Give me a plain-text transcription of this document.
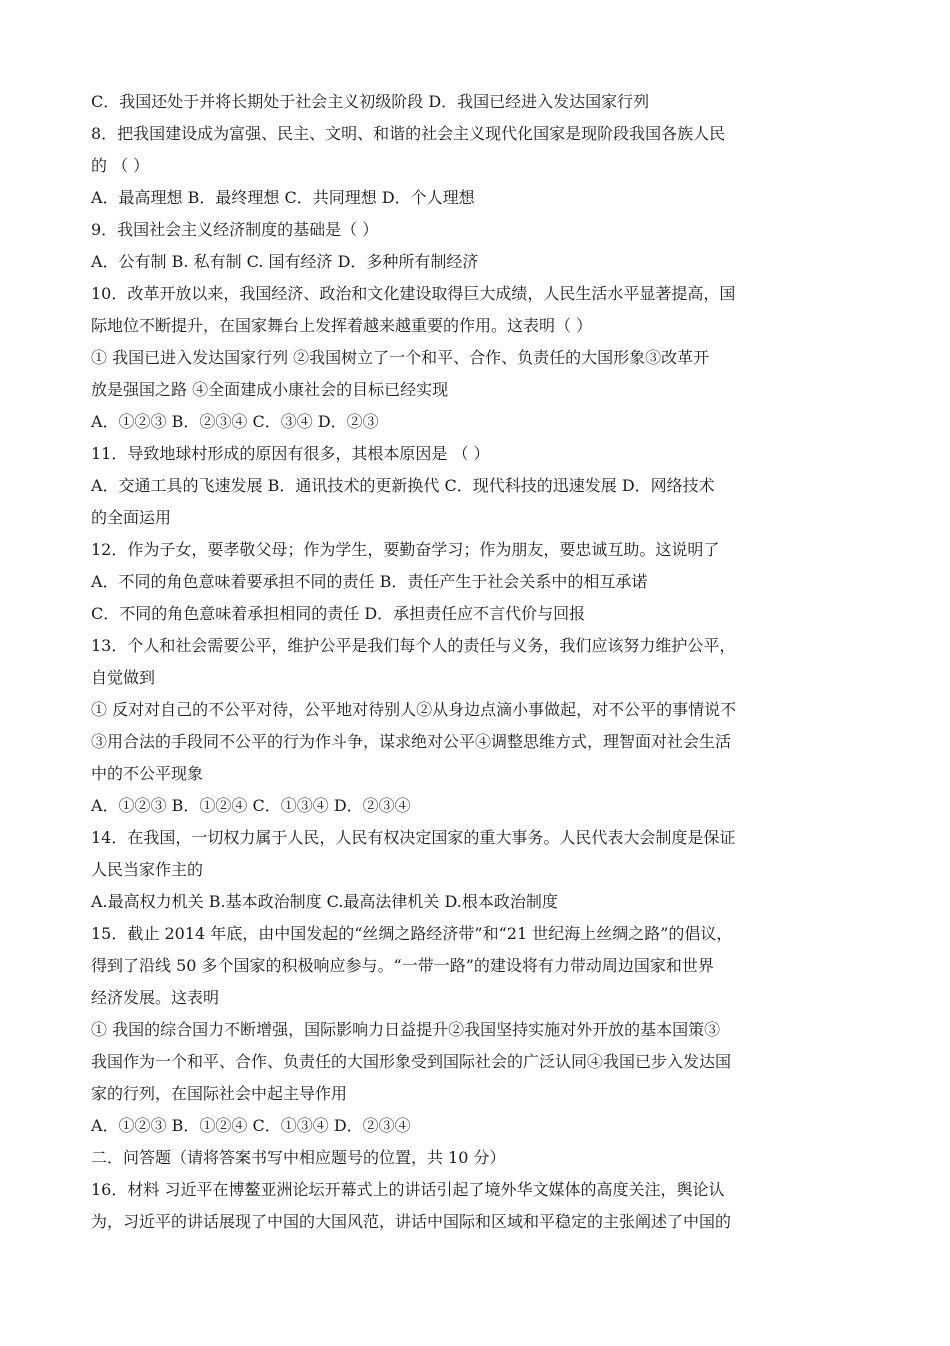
C．我国还处于并将长期处于社会主义初级阶段 D．我国已经进入发达国家行列
8．把我国建设成为富强、民主、文明、和谐的社会主义现代化国家是现阶段我国各族人民
的 （ ）
A．最高理想 B．最终理想 C．共同理想 D．个人理想
9．我国社会主义经济制度的基础是（ ）
A．公有制 B. 私有制 C. 国有经济 D．多种所有制经济
10．改革开放以来，我国经济、政治和文化建设取得巨大成绩，人民生活水平显著提高，国
际地位不断提升，在国家舞台上发挥着越来越重要的作用。这表明（ ）
① 我国已进入发达国家行列 ②我国树立了一个和平、合作、负责任的大国形象③改革开
放是强国之路 ④全面建成小康社会的目标已经实现
A．①②③ B．②③④ C．③④ D．②③
11．导致地球村形成的原因有很多，其根本原因是 （ ）
A．交通工具的飞速发展 B．通讯技术的更新换代 C．现代科技的迅速发展 D．网络技术
的全面运用
12．作为子女，要孝敬父母；作为学生，要勤奋学习；作为朋友，要忠诚互助。这说明了
A．不同的角色意味着要承担不同的责任 B．责任产生于社会关系中的相互承诺
C．不同的角色意味着承担相同的责任 D．承担责任应不言代价与回报
13．个人和社会需要公平，维护公平是我们每个人的责任与义务，我们应该努力维护公平，
自觉做到
① 反对对自己的不公平对待，公平地对待别人②从身边点滴小事做起，对不公平的事情说不
③用合法的手段同不公平的行为作斗争，谋求绝对公平④调整思维方式，理智面对社会生活
中的不公平现象
A．①②③ B．①②④ C．①③④ D．②③④
14．在我国，一切权力属于人民，人民有权决定国家的重大事务。人民代表大会制度是保证
人民当家作主的
A.最高权力机关 B.基本政治制度 C.最高法律机关 D.根本政治制度
15．截止 2014 年底，由中国发起的“丝绸之路经济带”和“21 世纪海上丝绸之路”的倡议，
得到了沿线 50 多个国家的积极响应参与。“一带一路”的建设将有力带动周边国家和世界
经济发展。这表明
① 我国的综合国力不断增强，国际影响力日益提升②我国坚持实施对外开放的基本国策③
我国作为一个和平、合作、负责任的大国形象受到国际社会的广泛认同④我国已步入发达国
家的行列，在国际社会中起主导作用
A．①②③ B．①②④ C．①③④ D．②③④
二．问答题（请将答案书写中相应题号的位置，共 10 分）
16．材料 习近平在博鳌亚洲论坛开幕式上的讲话引起了境外华文媒体的高度关注，舆论认
为，习近平的讲话展现了中国的大国风范，讲话中国际和区域和平稳定的主张阐述了中国的
